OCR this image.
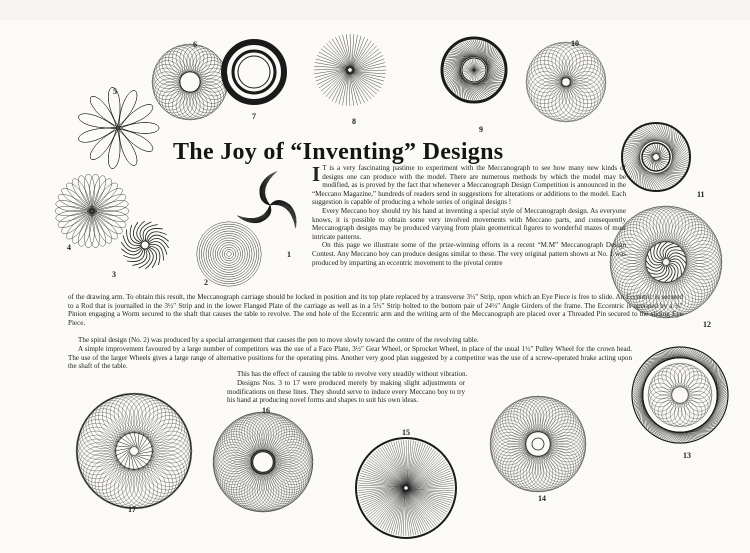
6
5
7
8
9
10
11
12
13
14
15
16
17
4
3
2
1
The Joy of “Inventing” Designs

I T is a very fascinating pastime to experiment with the Meccanograph to see how many new kinds of designs one can produce with the model. There are numerous methods by which the model may be modified, as is proved by the fact that whenever a Meccanograph Design Competition is announced in the “Meccano Magazine,” hundreds of readers send in suggestions for alterations or additions to the model. Each suggestion is capable of producing a whole series of original designs !

Every Meccano boy should try his hand at inventing a special style of Meccanograph design. As everyone knows, it is possible to obtain some very involved movements with Meccano parts, and consequently Meccanograph designs may be produced varying from plain geometrical figures to wonderful mazes of most intricate patterns.

On this page we illustrate some of the prize-winning efforts in a recent “M.M” Meccanograph Design Contest. Any Meccano boy can produce designs similar to these. The very original pattern shown at No. 1 was produced by imparting an eccentric movement to the pivotal centre

of the drawing arm. To obtain this result, the Meccanograph carriage should be locked in position and its top plate replaced by a transverse 3½″ Strip, upon which an Eye Piece is free to slide. An Eccentric is secured to a Rod that is journalled in the 3½″ Strip and in the lower Flanged Plate of the carriage as well as in a 5½″ Strip bolted to the bottom pair of 24½″ Angle Girders of the frame. The Eccentric is operated by a ¾″ Pinion engaging a Worm secured to the shaft that causes the table to revolve. The end hole of the Eccentric arm and the writing arm of the Meccanograph are placed over a Threaded Pin secured to the sliding Eye Piece.

The spiral design (No. 2) was produced by a special arrangement that causes the pen to move slowly toward the centre of the revolving table.

A simple improvement favoured by a large number of competitors was the use of a Face Plate, 3½″ Gear Wheel, or Sprocket Wheel, in place of the usual 1½″ Pulley Wheel for the crown head. The use of the larger Wheels gives a large range of alternative positions for the operating pins. Another very good plan suggested by a competitor was the use of a screw-operated brake acting upon the shaft of the table.

This has the effect of causing the table to revolve very steadily without vibration.

Designs Nos. 3 to 17 were produced merely by making slight adjustments or modifications on these lines. They should serve to induce every Meccano boy to try his hand at producing novel forms and shapes to suit his own ideas.
